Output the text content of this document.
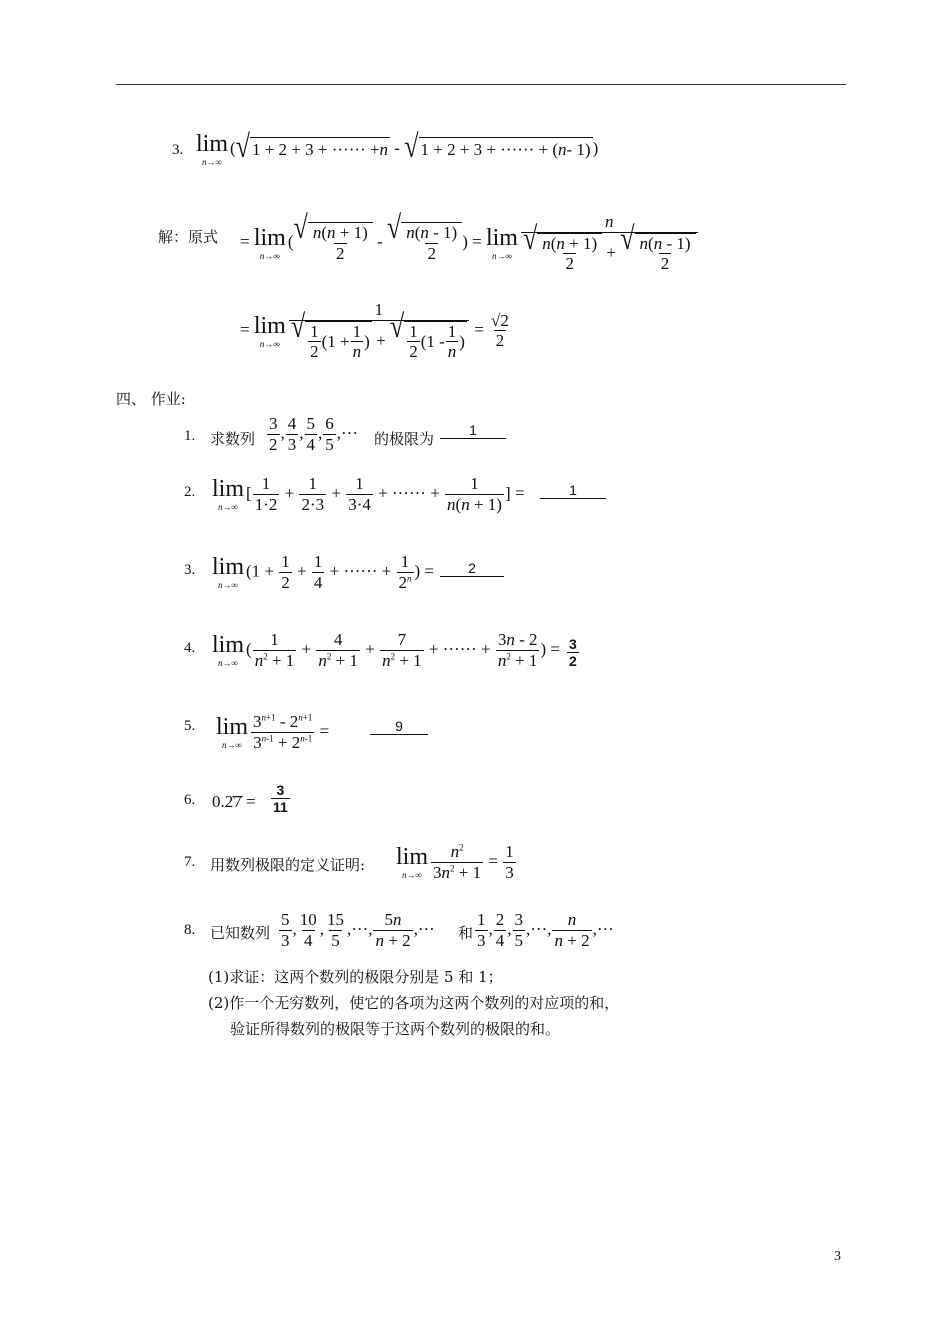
3. lim
n→∞
( √ 1 + 2 + 3 + ······ + n - √ 1 + 2 + 3 + ······ + ( n - 1) )
解：原式 = lim
n→∞
( √ n(n + 1)
2
- √ n(n - 1)
2
) = lim
n→∞ n
√ n(n + 1)
2
+ √ n(n - 1)
2
= lim
n→∞ 1
√ 1
2
(1 +
1
n
) + √ 1
2
(1 -
1
n
) = $\frac{√2}{2}$
四、 作业:
1. 求数列 $\frac{3}{2}$ , $\frac{4}{3}$ , $\frac{5}{4}$ , $\frac{6}{5}$ ,··· 的极限为	1
2. lim
n→∞
[ $\frac{1}{1\cdot 2} + \frac{1}{2\cdot 3} + \frac{1}{3\cdot 4}$ + ······ + $\frac{1}{n(n + 1)}$ ] =	1
3. lim
n→∞
($1 + \frac{1}{2} + \frac{1}{4}$ + ······ + $\frac{1}{2^n}$ ) =	2
4. lim
n→∞
( $\frac{1}{n^2 + 1} + \frac{4}{n^2 + 1} + \frac{7}{n^2 + 1}$ + ······ + $\frac{3n - 2}{n^2 + 1}$ ) = $\frac{3}{2}$
5. lim
$n\to\infty \frac{3^{n+1} - 2^{n+1}}{3^{n-1} + 2^{n-1}}$ =	9
6. 0.2̇7̇ = $\frac{3}{11}$
7. 用数列极限的定义证明: lim
$n\to\infty \frac{n^2}{3n^2 + 1} = \frac{1}{3}$
8. 已知数列 $\frac{5}{3}$ , $\frac{10}{4}$ , $\frac{15}{5}$ ,···, $\frac{5n}{n + 2}$ ,··· 和 $\frac{1}{3}$ , $\frac{2}{4}$ , $\frac{3}{5}$ ,···, $\frac{n}{n + 2}$ ,···
(1)求证：这两个数列的极限分别是 5 和 1；
(2)作一个无穷数列，使它的各项为这两个数列的对应项的和，
验证所得数列的极限等于这两个数列的极限的和。
3
